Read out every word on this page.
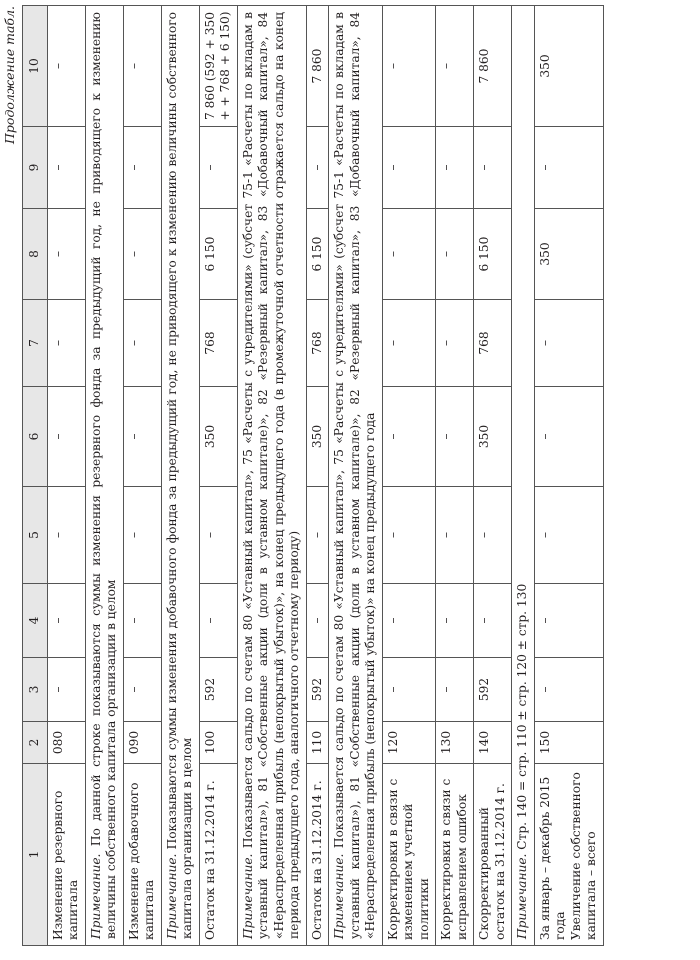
Продолжение табл.
1	2	3	4	5	6	7	8	9	10

Изменение резервного капитала	080	–	–	–	–	–	–	–	–
Примечание. По данной строке показываются суммы изменения резервного фонда за предыдущий год, не приводящего к изменению величины собственного капитала организации в целом									

Изменение добавочного капитала	090	–	–	–	–	–	–	–	–
Примечание. Показываются суммы изменения добавочного фонда за предыдущий год, не приводящего к изменению величины собственного капитала организации в целом									

Остаток на 31.12.2014 г.	100	592	–	–	350	768	6 150	–	7 860 (592 + 350 + + 768 + 6 150)
Примечание. Показывается сальдо по счетам 80 «Уставный капитал», 75 «Расчеты с учредителями» (субсчет 75-1 «Расчеты по вкладам в уставный капитал»), 81 «Собственные акции (доли в уставном капитале)», 82 «Резервный капитал», 83 «Добавочный капитал», 84 «Нераспределенная прибыль (непокрытый убыток)», на конец предыдущего года (в промежуточной отчетности отражается сальдо на конец периода предыдущего года, аналогичного отчетному периоду)									

Остаток на 31.12.2014 г.	110	592	–	–	350	768	6 150	–	7 860
Примечание. Показывается сальдо по счетам 80 «Уставный капитал», 75 «Расчеты с учредителями» (субсчет 75-1 «Расчеты по вкладам в уставный капитал»), 81 «Собственные акции (доли в уставном капитале)», 82 «Резервный капитал», 83 «Добавочный капитал», 84 «Нераспределенная прибыль (непокрытый убыток)» на конец предыдущего года									

Корректировки в связи с изменением учетной политики	120	–	–	–	–	–	–	–	–

Корректировки в связи с исправлением ошибок	130	–	–	–	–	–	–	–	–

Скорректированный остаток на 31.12.2014 г.	140	592	–	–	350	768	6 150	–	7 860
Примечание. Стр. 140 = стр. 110 ± стр. 120 ± стр. 130									

За январь – декабрь 2015 года Увеличение собственного капитала – всего	150	–	–	–	–	–	350	–	350
